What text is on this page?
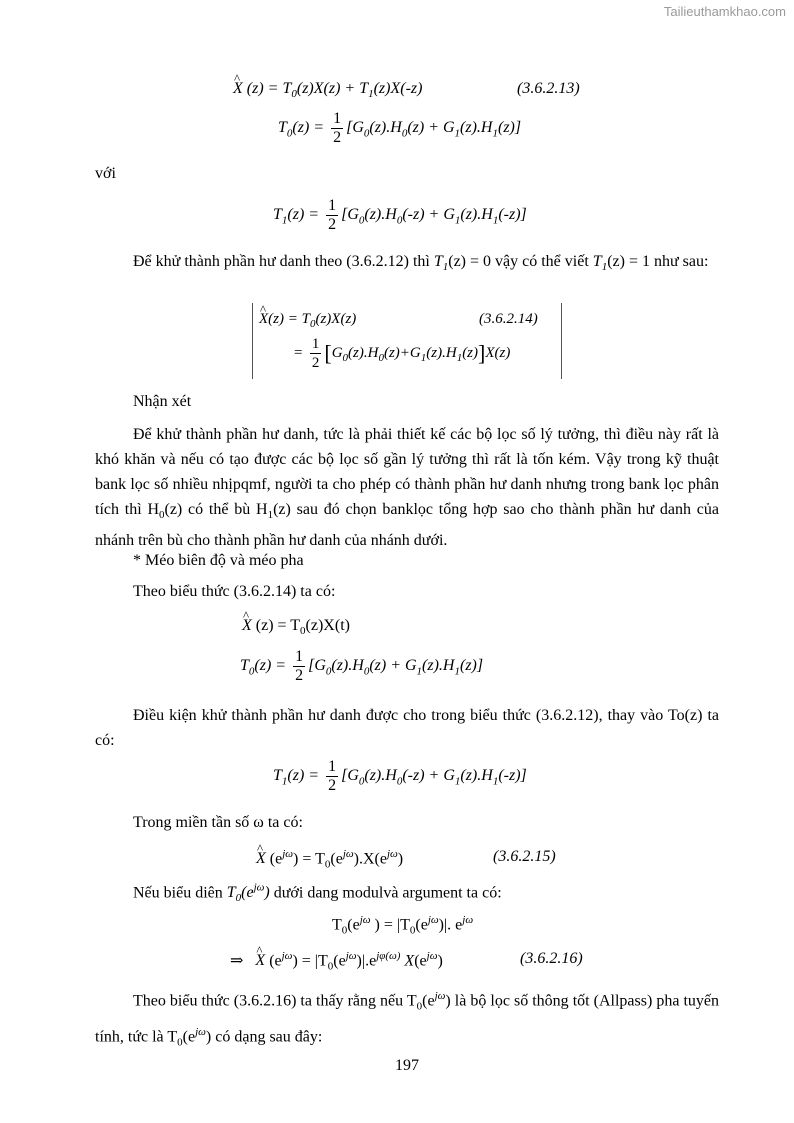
Tailieuthamkhao.com
^ X $(z) = T_0(z)X(z) + T_1(z)X(-z)$	(3.6.2.13)
$T_0(z) = \frac{1}{2} [G_0(z).H_0(z) + G_1(z).H_1(z)]$
với
$T_1(z) = \frac{1}{2} [G_0(z).H_0(-z) + G_1(z).H_1(-z)]$
Để khử thành phần hư danh theo (3.6.2.12) thì $T_1(z) = 0$ vậy có thể viết $T_1(z) = 1$ như sau:
^ $X(z) = T_0(z)X(z)$	(3.6.2.14)
= $\frac{1}{2} [G_0(z).H_0(z)+G_1(z).H_1(z)]X(z)$
Nhận xét
Để khử thành phần hư danh, tức là phải thiết kế các bộ lọc số lý tưởng, thì điều này rất là khó khăn và nếu có tạo được các bộ lọc số gần lý tưởng thì rất là tốn kém. Vậy trong kỹ thuật bank lọc số nhiều nhịpqmf, người ta cho phép có thành phần hư danh nhưng trong bank lọc phân tích thì $H_0(z)$ có thể bù $H_1(z)$ sau đó chọn banklọc tổng hợp sao cho thành phần hư danh của nhánh trên bù cho thành phần hư danh của nhánh dưới.
* Méo biên độ và méo pha
Theo biểu thức (3.6.2.14) ta có:
^ X $(z) = T_0(z)X(t)$
$T_0(z) = \frac{1}{2} [G_0(z).H_0(z) + G_1(z).H_1(z)]$
Điều kiện khử thành phần hư danh được cho trong biểu thức (3.6.2.12), thay vào To(z) ta có:
$T_1(z) = \frac{1}{2} [G_0(z).H_0(-z) + G_1(z).H_1(-z)]$
Trong miền tần số ω ta có:
^ X $(e^{j\omega}) = T_0(e^{j\omega}).X(e^{j\omega})$	(3.6.2.15)
Nếu biểu diên $T_0(e^{j\omega})$ dưới dang modulvà argument ta có:
$T_0(e^{j\omega}$ ) = $|T_0(e^{j\omega})|$. $e^{j\omega}$
⇒   ^ X $(e^{j\omega}) = |T_0(e^{j\omega})|.e^{j\varphi(\omega)}$ $X(e^{j\omega})$	(3.6.2.16)
Theo biểu thức (3.6.2.16) ta thấy rằng nếu $T_0(e^{j\omega})$ là bộ lọc số thông tốt (Allpass) pha tuyến tính, tức là $T_0(e^{j\omega})$ có dạng sau đây:
197
